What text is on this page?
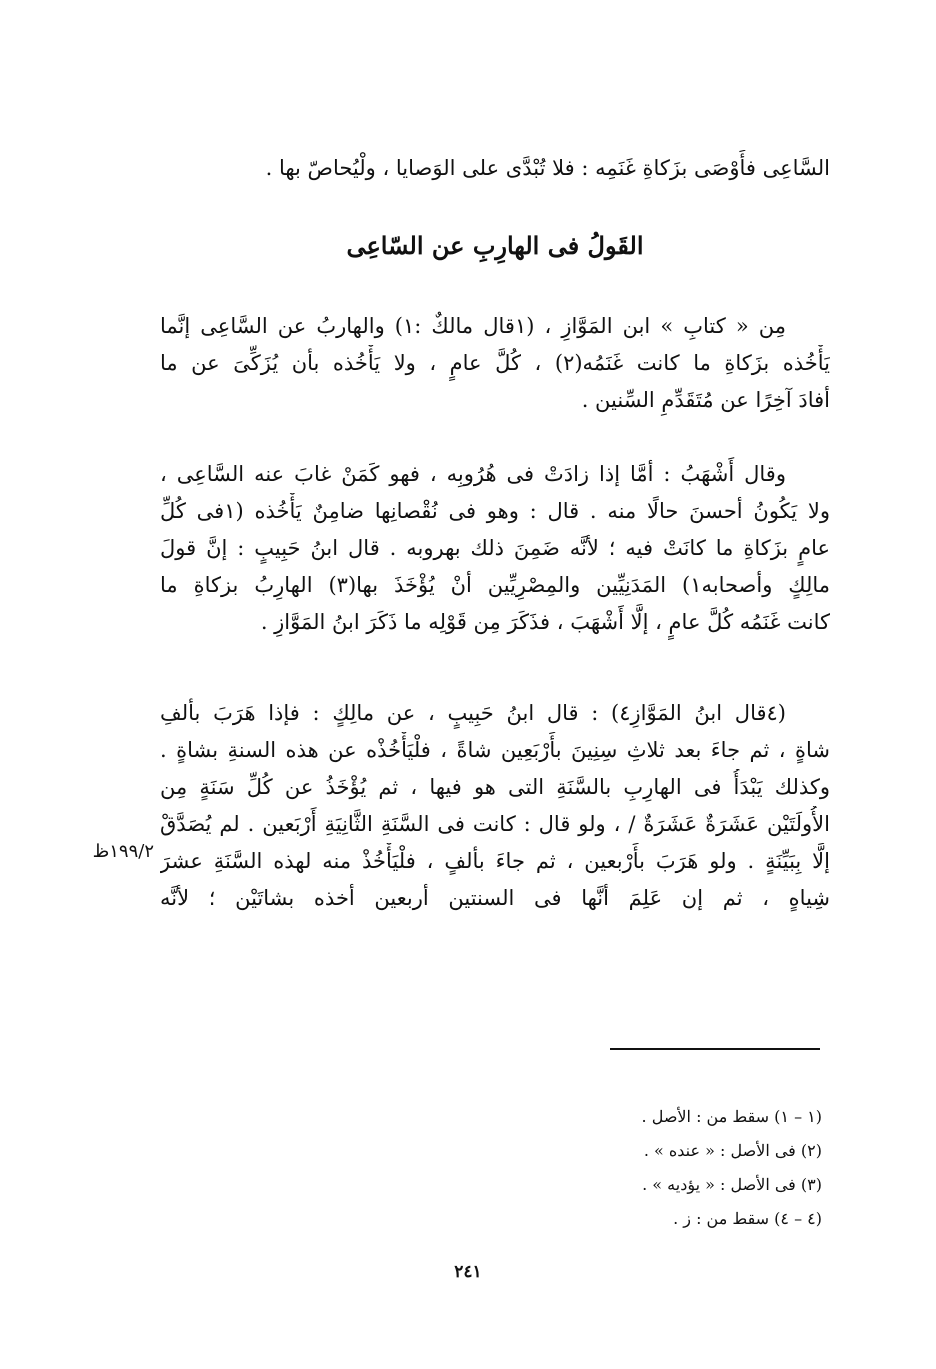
السَّاعِى فأَوْصَى بزَكاةِ غَنَمِه : فلا تُبْدَّى على الوَصايا ، ولْيُحاصّ بها .
القَولُ فى الهارِبِ عن السّاعِى
مِن « كتابِ » ابن المَوَّازِ ، (١قال مالكٌ :١) والهاربُ عن السَّاعِى إنَّما
يَأْخُذه بزَكاةِ ما كانت غَنَمُه(٢) ، كُلَّ عامٍ ، ولا يَأْخُذه بأن يُزَكِّىَ عن ما
أفادَ آخِرًا عن مُتَقَدِّمِ السِّنين .
وقال أَشْهَبُ : أمَّا إذا زادَتْ فى هُرُوبِه ، فهو كَمَنْ غابَ عنه السَّاعِى ،
ولا يَكُونُ أحسنَ حالًا منه . قال : وهو فى نُقْصانِها ضامِنٌ يَأْخُذه (١فى كُلِّ
عامٍ بزَكاةِ ما كانَتْ فيه ؛ لأنَّه ضَمِنَ ذلك بهروبه . قال ابنُ حَبِيبٍ : إنَّ قولَ
مالِكٍ وأصحابه١) المَدَنِيِّين والمِصْرِيِّين أنْ يُؤْخَذَ بها(٣) الهارِبُ بزكاةِ ما
كانت غَنَمُه كُلَّ عامٍ ، إلَّا أَشْهَبَ ، فذَكَرَ مِن قَوْلِه ما ذَكَرَ ابنُ المَوَّازِ .
(٤قال ابنُ المَوَّازِ٤) : قال ابنُ حَبِيبٍ ، عن مالِكٍ : فإذا هَرَبَ بألفِ
شاةٍ ، ثم جاءَ بعد ثلاثِ سِنِينَ بأَرْبَعِين شاةً ، فلْيَأْخُذْه عن هذه السنةِ بشاةٍ .
وكذلك يَبْدَأُ فى الهارِبِ بالسَّنَةِ التى هو فيها ، ثم يُؤْخَذُ عن كُلِّ سَنَةٍ مِن
الأُولَتَيْن عَشَرَةٌ عَشَرَةٌ / ، ولو قال : كانت فى السَّنَةِ الثَّانِيَةِ أَرْبَعين . لم يُصَدَّقْ
إلَّا بِبَيِّنَةٍ . ولو هَرَبَ بأَرْبعين ، ثم جاءَ بألفٍ ، فلْيَأْخُذْ منه لهذه السَّنَةِ عشرَ
شِياهٍ ، ثم إن عَلِمَ أنَّها فى السنتين أربعين أخذه بشاتَيْن ؛ لأنَّه
١٩٩/٢ظ
(١ – ١) سقط من : الأصل .
(٢) فى الأصل : « عنده » .
(٣) فى الأصل : « يؤديه » .
(٤ – ٤) سقط من : ز .
٢٤١
